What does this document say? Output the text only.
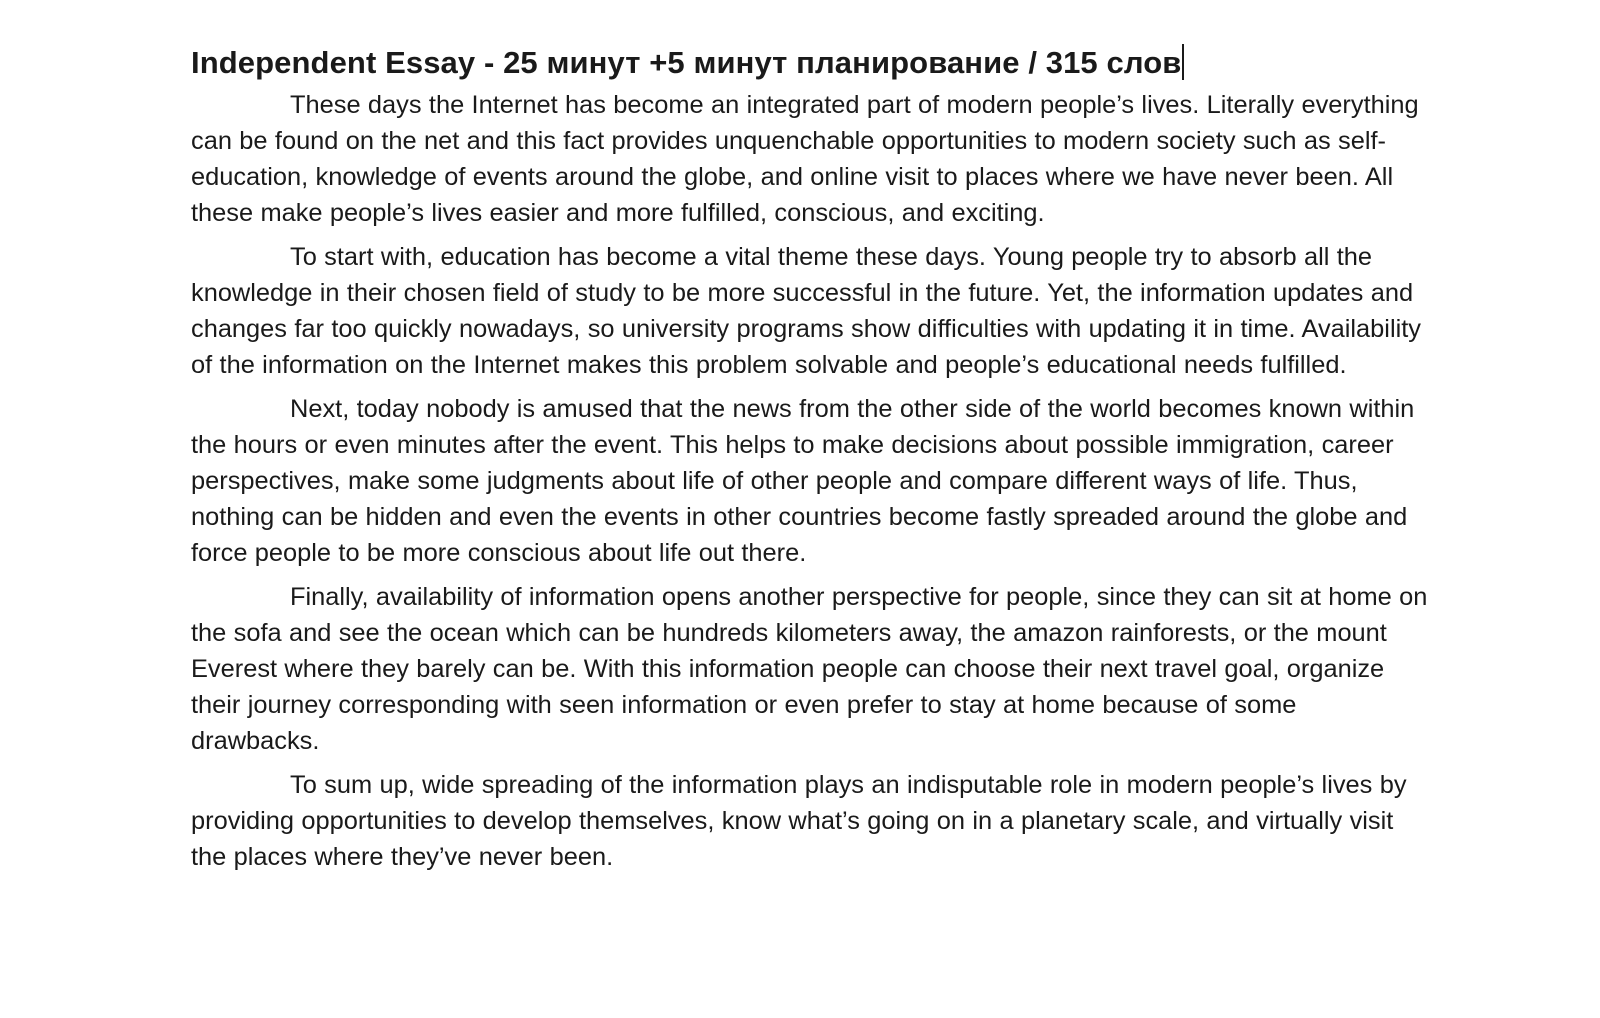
Independent Essay - 25 минут +5 минут планирование / 315 слов

These days the Internet has become an integrated part of modern people’s lives. Literally everything can be found on the net and this fact provides unquenchable opportunities to modern society such as self-education, knowledge of events around the globe, and online visit to places where we have never been. All these make people’s lives easier and more fulfilled, conscious, and exciting.

To start with, education has become a vital theme these days. Young people try to absorb all the knowledge in their chosen field of study to be more successful in the future. Yet, the information updates and changes far too quickly nowadays, so university programs show difficulties with updating it in time. Availability of the information on the Internet makes this problem solvable and people’s educational needs fulfilled.

Next, today nobody is amused that the news from the other side of the world becomes known within the hours or even minutes after the event. This helps to make decisions about possible immigration, career perspectives, make some judgments about life of other people and compare different ways of life. Thus, nothing can be hidden and even the events in other countries become fastly spreaded around the globe and force people to be more conscious about life out there.

Finally, availability of information opens another perspective for people, since they can sit at home on the sofa and see the ocean which can be hundreds kilometers away, the amazon rainforests, or the mount Everest where they barely can be. With this information people can choose their next travel goal, organize their journey corresponding with seen information or even prefer to stay at home because of some drawbacks.

To sum up, wide spreading of the information plays an indisputable role in modern people’s lives by providing opportunities to develop themselves, know what’s going on in a planetary scale, and virtually visit the places where they’ve never been.
